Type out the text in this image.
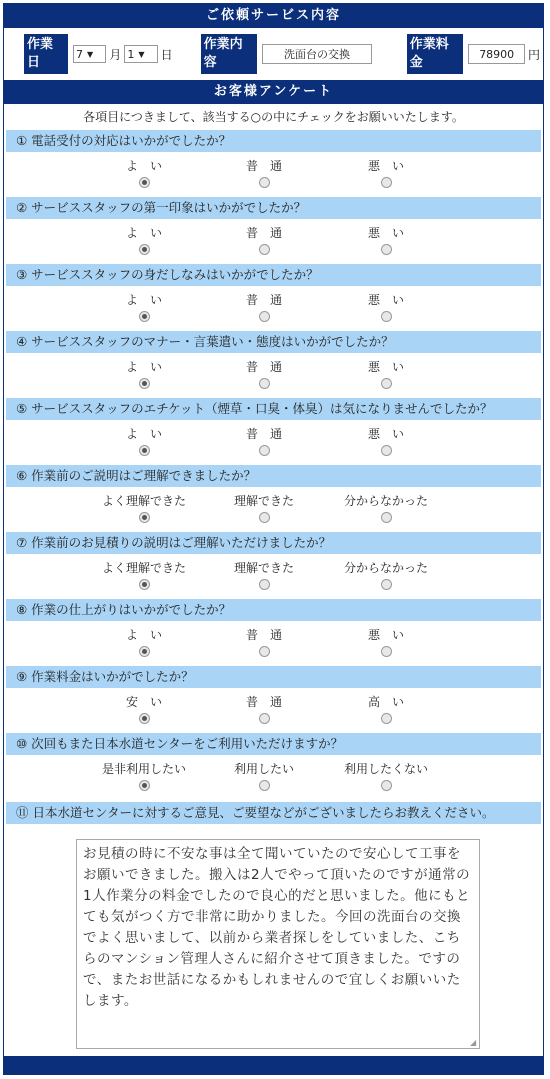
ご依頼サービス内容
作業日
7 ▼ 月 1 ▼ 日
作業内容
洗面台の交換
作業料金
78900	円
お客様アンケート
各項目につきまして、該当する○の中にチェックをお願いいたします。
① 電話受付の対応はいかがでしたか？
よ　い	普　通	悪　い
② サービススタッフの第一印象はいかがでしたか？
よ　い	普　通	悪　い
③ サービススタッフの身だしなみはいかがでしたか？
よ　い	普　通	悪　い
④ サービススタッフのマナー・言葉遣い・態度はいかがでしたか？
よ　い	普　通	悪　い
⑤ サービススタッフのエチケット（煙草・口臭・体臭）は気になりませんでしたか？
よ　い	普　通	悪　い
⑥ 作業前のご説明はご理解できましたか？
よく理解できた	理解できた	分からなかった
⑦ 作業前のお見積りの説明はご理解いただけましたか？
よく理解できた	理解できた	分からなかった
⑧ 作業の仕上がりはいかがでしたか？
よ　い	普　通	悪　い
⑨ 作業料金はいかがでしたか？
安　い	普　通	高　い
⑩ 次回もまた日本水道センターをご利用いただけますか？
是非利用したい	利用したい	利用したくない
⑪ 日本水道センターに対するご意見、ご要望などがございましたらお教えください。
お見積の時に不安な事は全て聞いていたので安心して工事をお願いできました。搬入は2人でやって頂いたのですが通常の1人作業分の料金でしたので良心的だと思いました。他にもとても気がつく方で非常に助かりました。今回の洗面台の交換でよく思いまして、以前から業者探しをしていました、こちらのマンション管理人さんに紹介させて頂きました。ですので、またお世話になるかもしれませんので宜しくお願いいたします。
◢
